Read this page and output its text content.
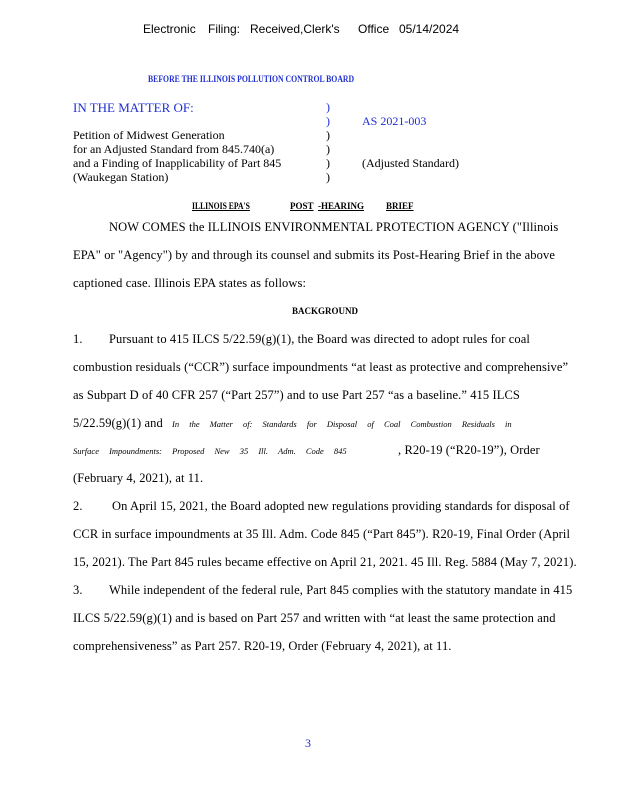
Electronic Filing: Received,Clerk's Office 05/14/2024
BEFORE THE ILLINOIS POLLUTION CONTROL BOARD
IN THE MATTER OF:
Petition of Midwest Generation
for an Adjusted Standard from 845.740(a)
and a Finding of Inapplicability of Part 845
(Waukegan Station)
)
)
)
)
)
)
AS 2021-003
(Adjusted Standard)
ILLINOIS EPA'S	POST -HEARING BRIEF
NOW COMES the ILLINOIS ENVIRONMENTAL PROTECTION AGENCY ("Illinois
EPA" or "Agency") by and through its counsel and submits its Post-Hearing Brief in the above
captioned case. Illinois EPA states as follows:
BACKGROUND
1. Pursuant to 415 ILCS 5/22.59(g)(1), the Board was directed to adopt rules for coal
combustion residuals (“CCR”) surface impoundments “at least as protective and comprehensive”
as Subpart D of 40 CFR 257 (“Part 257”) and to use Part 257 “as a baseline.” 415 ILCS
5/22.59(g)(1) and In the Matter of: Standards for Disposal of Coal Combustion Residuals in
Surface Impoundments: Proposed New 35 Ill. Adm. Code 845	, R20-19 (“R20-19”), Order
(February 4, 2021), at 11.
2. On April 15, 2021, the Board adopted new regulations providing standards for disposal of
CCR in surface impoundments at 35 Ill. Adm. Code 845 (“Part 845”). R20-19, Final Order (April
15, 2021). The Part 845 rules became effective on April 21, 2021. 45 Ill. Reg. 5884 (May 7, 2021).
3. While independent of the federal rule, Part 845 complies with the statutory mandate in 415
ILCS 5/22.59(g)(1) and is based on Part 257 and written with “at least the same protection and
comprehensiveness” as Part 257. R20-19, Order (February 4, 2021), at 11.
3
